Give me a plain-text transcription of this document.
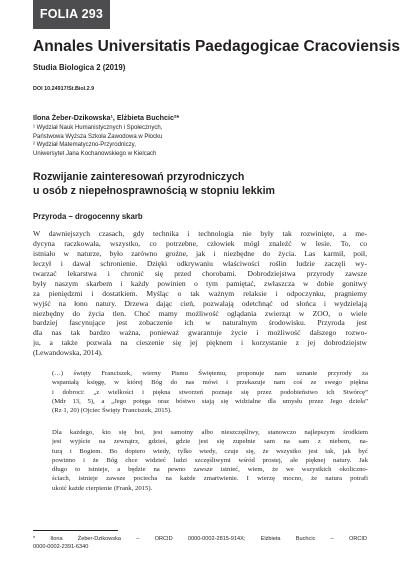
FOLIA 293
Annales Universitatis Paedagogicae Cracoviensis
Studia Biologica 2 (2019)
DOI 10.24917/St.Biol.2.9
Ilona Żeber-Dzikowska¹, Elżbieta Buchcic²*
¹ Wydział Nauk Humanistycznych i Społecznych,
Państwowa Wyższa Szkoła Zawodowa w Płocku
² Wydział Matematyczno-Przyrodniczy,
Uniwersytet Jana Kochanowskiego w Kielcach
Rozwijanie zainteresowań przyrodniczych
u osób z niepełnosprawnością w stopniu lekkim
Przyroda – drogocenny skarb
W dawniejszych czasach, gdy technika i technologia nie były tak rozwinięte, a me-
dycyna raczkowała, wszystko, co potrzebne, człowiek mógł znaleźć w lesie. To, co
istniało w naturze, było zarówno groźne, jak i niezbędne do życia. Las karmił, poił,
leczył i dawał schronienie. Dzięki odkrywaniu właściwości roślin ludzie zaczęli wy-
twarzać lekarstwa i chronić się przed chorobami. Dobrodziejstwa przyrody zawsze
były naszym skarbem i każdy powinien o tym pamiętać, zwłaszcza w dobie gonitwy
za pieniędzmi i dostatkiem. Myśląc o tak ważnym relaksie i odpoczynku, pragniemy
wyjść na łono natury. Drzewa dając cień, pozwalają odetchnąć od słońca i wydzielają
niezbędny do życia tlen. Choć mamy możliwość oglądania zwierząt w ZOO, o wiele
bardziej fascynujące jest zobaczenie ich w naturalnym środowisku. Przyroda jest
dla nas tak bardzo ważna, ponieważ gwarantuje życie i możliwość dalszego rozwo-
ju, a także pozwala na cieszenie się jej pięknem i korzystanie z jej dobrodziejstw
(Lewandowska, 2014).
(…) święty Franciszek, wierny Pismu Świętemu, proponuje nam uznanie przyrody za
wspaniałą księgę, w której Bóg do nas mówi i przekazuje nam coś ze swego piękna
i dobroci: „z wielkości i piękna stworzeń poznaje się przez podobieństwo ich Stwórcę”
(Mdr 13, 5), a „Jego potęga oraz bóstwo stają się widzialne dla umysłu przez Jego dzieła”
(Rz 1, 20) (Ojciec Święty Franciszek, 2015).
Dla każdego, kto się boi, jest samotny albo nieszczęśliwy, stanowczo najlepszym środkiem
jest wyjście na zewnątrz, gdzieś, gdzie jest się zupełnie sam na sam z niebem, na-
turą i Bogiem. Bo dopiero wtedy, tylko wtedy, czuje się, że wszystko jest tak, jak być
powinno i że Bóg chce widzieć ludzi szczęśliwymi wśród prostej, ale pięknej natury. Jak
długo to istnieje, a będzie na pewno zawsze istnieć, wiem, że we wszystkich okoliczno-
ściach, istnieje zawsze pociecha na każde zmartwienie. I wierzę mocno, że natura potrafi
ukoić każde cierpienie (Frank, 2015).
* Ilona Żeber-Dzikowska – ORCID 0000-0002-2815-914X; Elżbieta Buchcic – ORCID
0000-0002-2391-6340
